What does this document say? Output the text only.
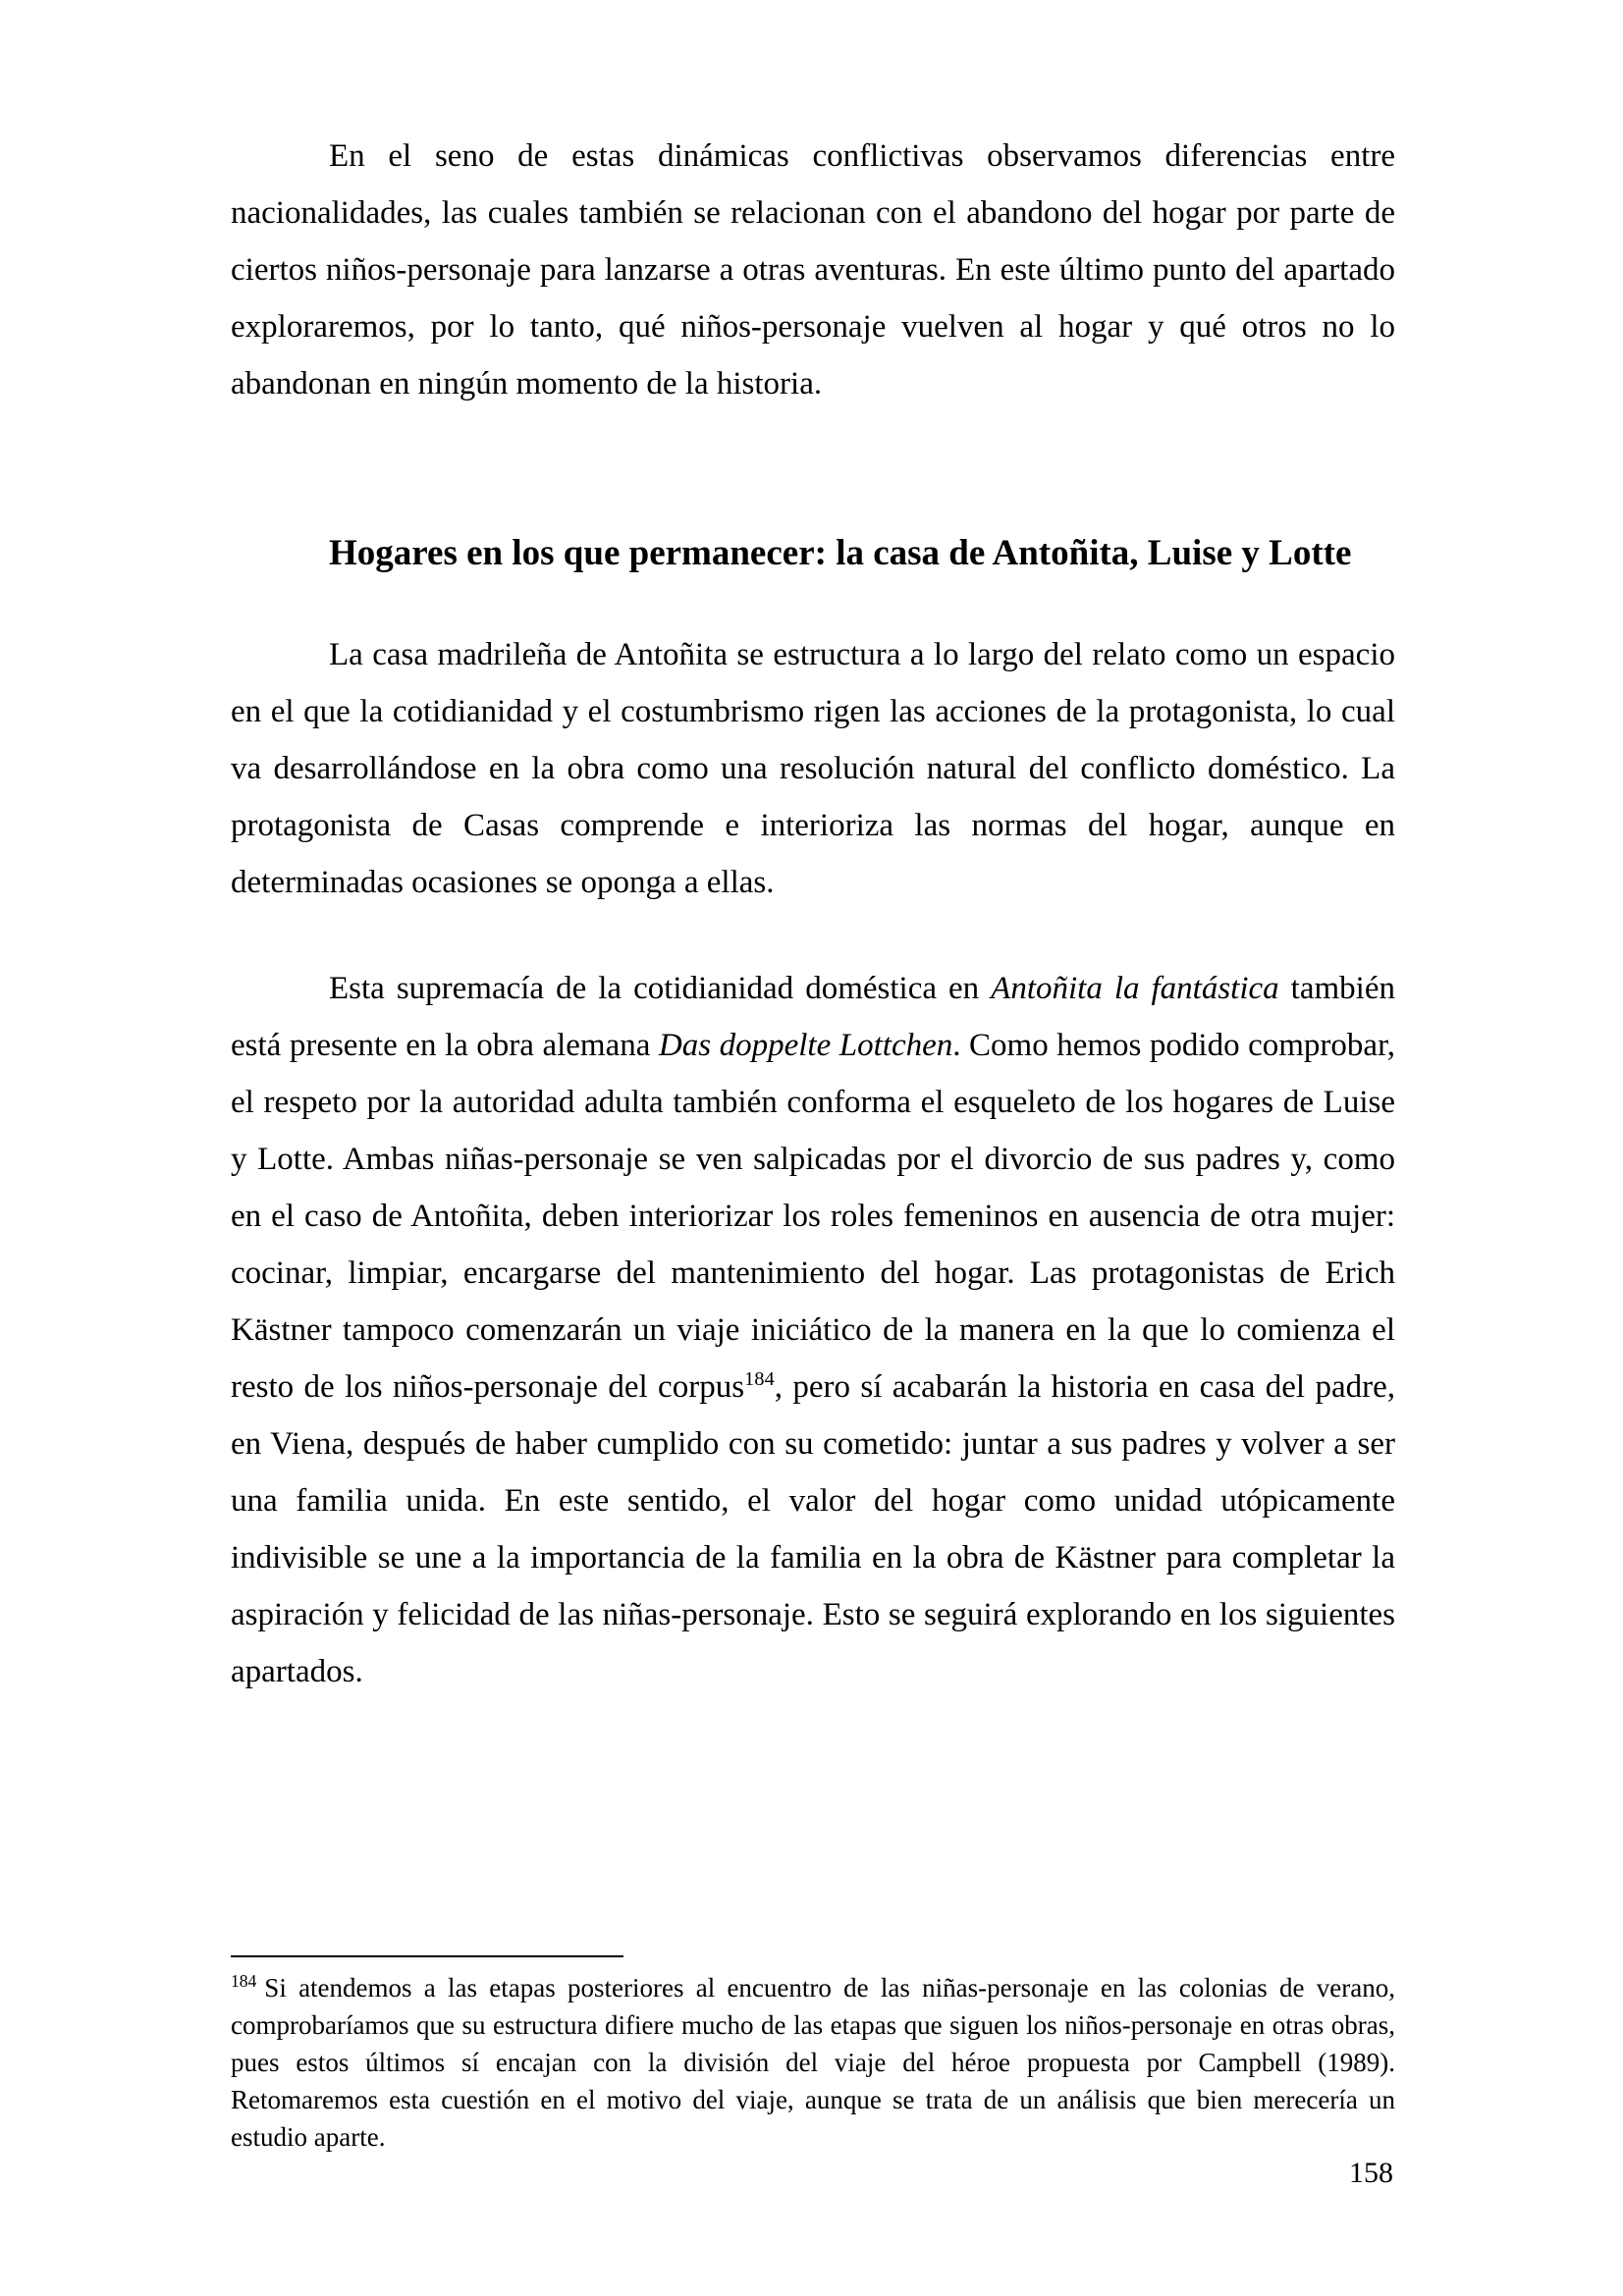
En el seno de estas dinámicas conflictivas observamos diferencias entre nacionalidades, las cuales también se relacionan con el abandono del hogar por parte de ciertos niños-personaje para lanzarse a otras aventuras. En este último punto del apartado exploraremos, por lo tanto, qué niños-personaje vuelven al hogar y qué otros no lo abandonan en ningún momento de la historia.

Hogares en los que permanecer: la casa de Antoñita, Luise y Lotte

La casa madrileña de Antoñita se estructura a lo largo del relato como un espacio en el que la cotidianidad y el costumbrismo rigen las acciones de la protagonista, lo cual va desarrollándose en la obra como una resolución natural del conflicto doméstico. La protagonista de Casas comprende e interioriza las normas del hogar, aunque en determinadas ocasiones se oponga a ellas.

Esta supremacía de la cotidianidad doméstica en Antoñita la fantástica también está presente en la obra alemana Das doppelte Lottchen. Como hemos podido comprobar, el respeto por la autoridad adulta también conforma el esqueleto de los hogares de Luise y Lotte. Ambas niñas-personaje se ven salpicadas por el divorcio de sus padres y, como en el caso de Antoñita, deben interiorizar los roles femeninos en ausencia de otra mujer: cocinar, limpiar, encargarse del mantenimiento del hogar. Las protagonistas de Erich Kästner tampoco comenzarán un viaje iniciático de la manera en la que lo comienza el resto de los niños-personaje del corpus$^{184}$, pero sí acabarán la historia en casa del padre, en Viena, después de haber cumplido con su cometido: juntar a sus padres y volver a ser una familia unida. En este sentido, el valor del hogar como unidad utópicamente indivisible se une a la importancia de la familia en la obra de Kästner para completar la aspiración y felicidad de las niñas-personaje. Esto se seguirá explorando en los siguientes apartados.

$^{184}$ Si atendemos a las etapas posteriores al encuentro de las niñas-personaje en las colonias de verano, comprobaríamos que su estructura difiere mucho de las etapas que siguen los niños-personaje en otras obras, pues estos últimos sí encajan con la división del viaje del héroe propuesta por Campbell (1989). Retomaremos esta cuestión en el motivo del viaje, aunque se trata de un análisis que bien merecería un estudio aparte.

158
